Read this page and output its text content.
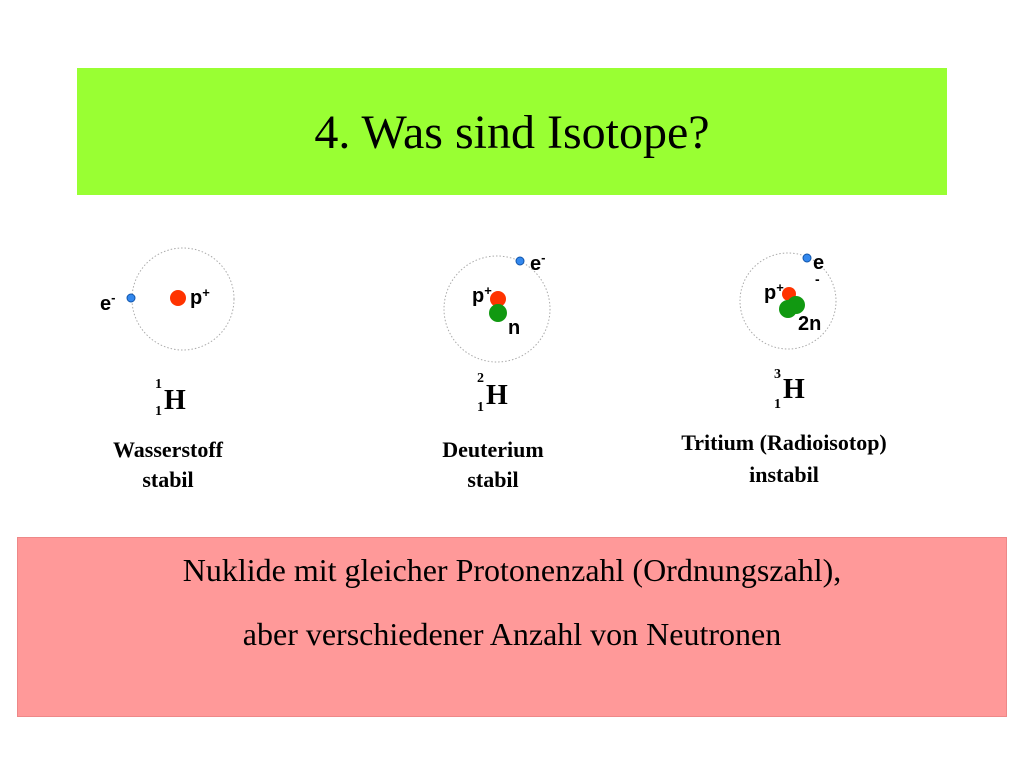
4. Was sind Isotope?
p+
e-
1
1 H
p+
n
e-
2
1 H
p+
2n
e
-
3
1 H
Wasserstoff
stabil
Deuterium
stabil
Tritium (Radioisotop)
instabil
Nuklide mit gleicher Protonenzahl (Ordnungszahl),
aber verschiedener Anzahl von Neutronen
